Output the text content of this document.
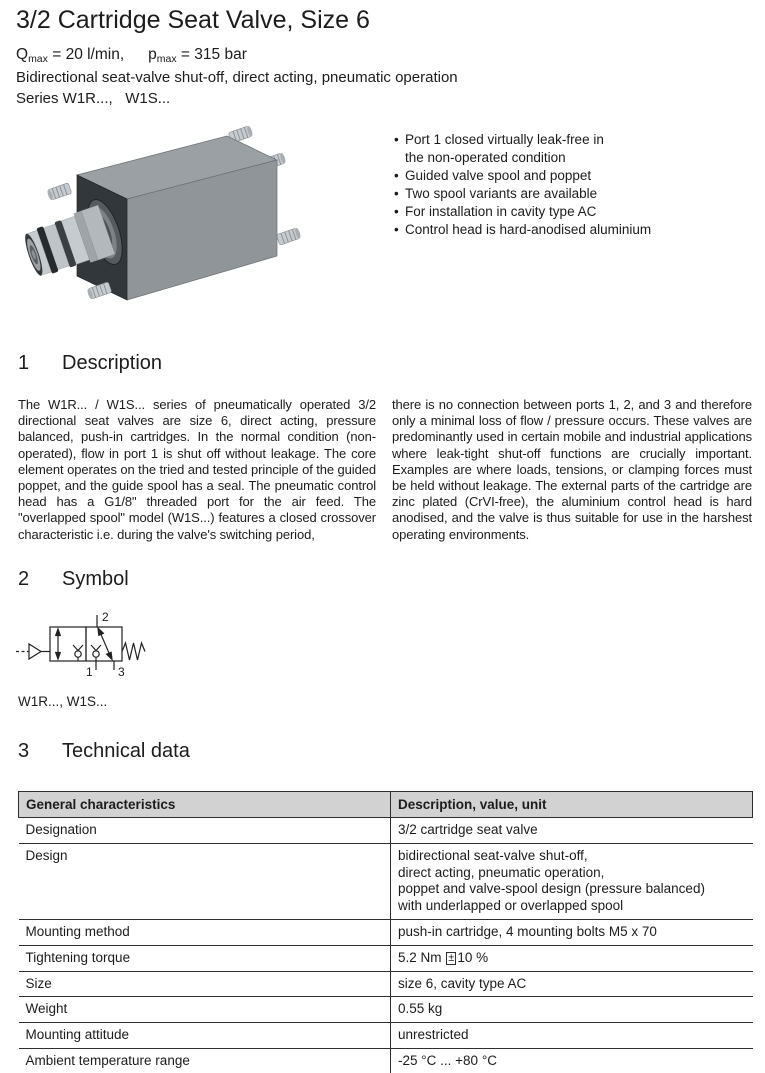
3/2 Cartridge Seat Valve, Size 6
$Q_{max} = 20$ l/min, $p_{max} = 315$ bar
Bidirectional seat-valve shut-off, direct acting, pneumatic operation
Series W1R...,   W1S...
• Port 1 closed virtually leak-free in
the non-operated condition
• Guided valve spool and poppet
• Two spool variants are available
• For installation in cavity type AC
• Control head is hard-anodised aluminium
1 Description
The W1R... / W1S... series of pneumatically operated 3/2 directional seat valves are size 6, direct acting, pressure balanced, push-in cartridges. In the normal condition (non-operated), flow in port 1 is shut off without leakage. The core element operates on the tried and tested principle of the guided poppet, and the guide spool has a seal. The pneumatic control head has a G1/8" threaded port for the air feed. The "overlapped spool" model (W1S...) features a closed crossover characteristic i.e. during the valve's switching period,
there is no connection between ports 1, 2, and 3 and therefore only a minimal loss of flow / pressure occurs. These valves are predominantly used in certain mobile and industrial applications where leak-tight shut-off functions are crucially important. Examples are where loads, tensions, or clamping forces must be held without leakage. The external parts of the cartridge are zinc plated (CrVI-free), the aluminium control head is hard anodised, and the valve is thus suitable for use in the harshest operating environments.
2 Symbol
2
1 3
W1R..., W1S...
3 Technical data
General characteristics	Description, value, unit
Designation	3/2 cartridge seat valve
Design	bidirectional seat-valve shut-off,
direct acting, pneumatic operation,
poppet and valve-spool design (pressure balanced)
with underlapped or overlapped spool
Mounting method	push-in cartridge, 4 mounting bolts M5 x 70
Tightening torque	5.2 Nm ± 10 %
Size	size 6, cavity type AC
Weight	0.55 kg
Mounting attitude	unrestricted
Ambient temperature range	-25 °C ... +80 °C
